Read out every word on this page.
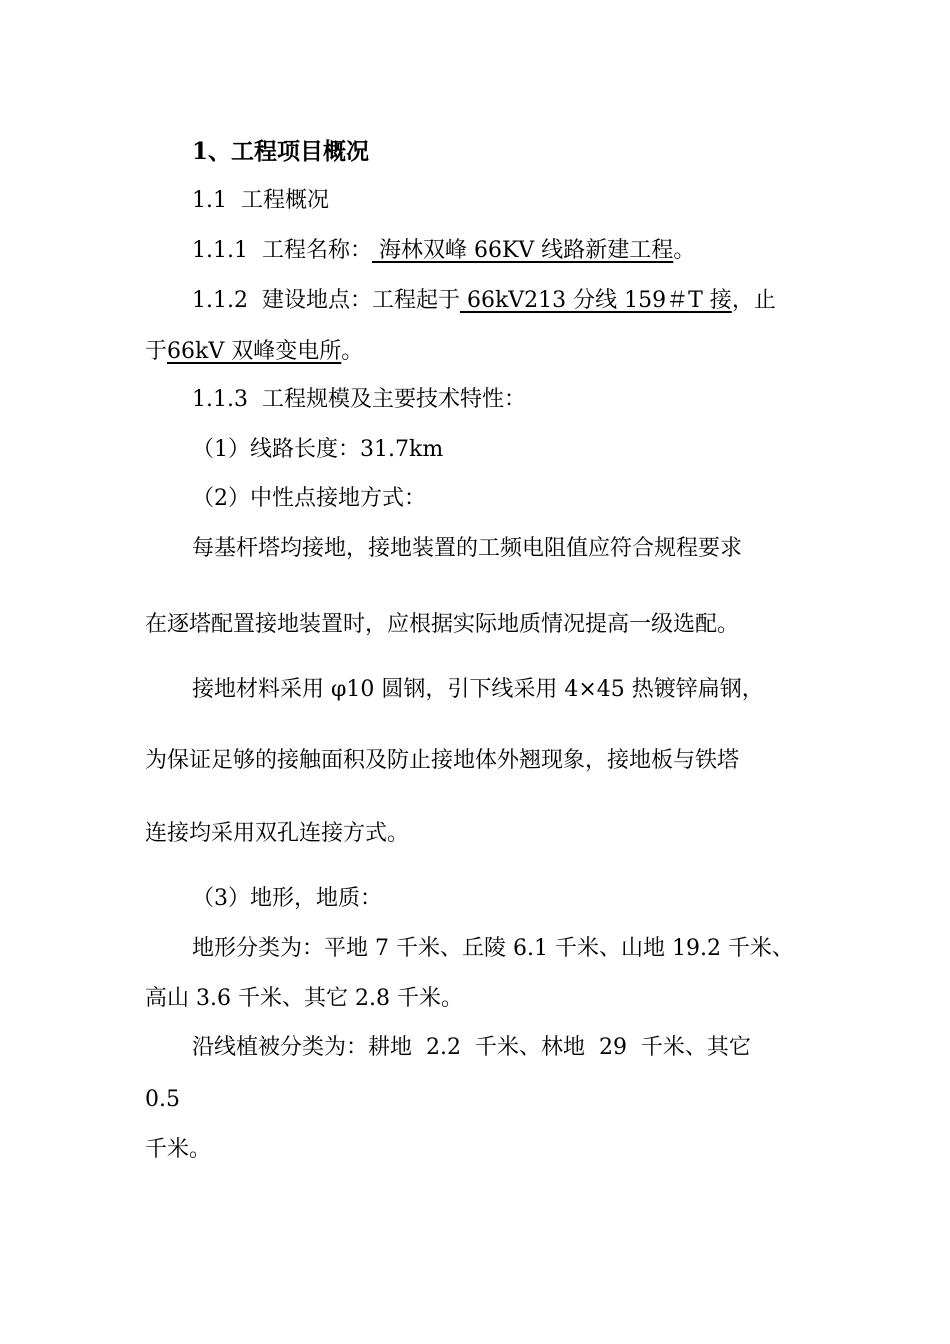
1、工程项目概况
1.1  工程概况
1.1.1  工程名称： 海林双峰 66KV 线路新建工程。
1.1.2  建设地点：工程起于 66kV213 分线 159＃T 接，止
于66kV 双峰变电所。
1.1.3  工程规模及主要技术特性：
（1）线路长度：31.7km
（2）中性点接地方式：
每基杆塔均接地，接地装置的工频电阻值应符合规程要求
在逐塔配置接地装置时，应根据实际地质情况提高一级选配。
接地材料采用 φ10 圆钢，引下线采用 4×45 热镀锌扁钢，
为保证足够的接触面积及防止接地体外翘现象，接地板与铁塔
连接均采用双孔连接方式。
（3）地形，地质：
地形分类为：平地 7 千米、丘陵 6.1 千米、山地 19.2 千米、
高山 3.6 千米、其它 2.8 千米。
沿线植被分类为：耕地  2.2  千米、林地  29  千米、其它
0.5
千米。
